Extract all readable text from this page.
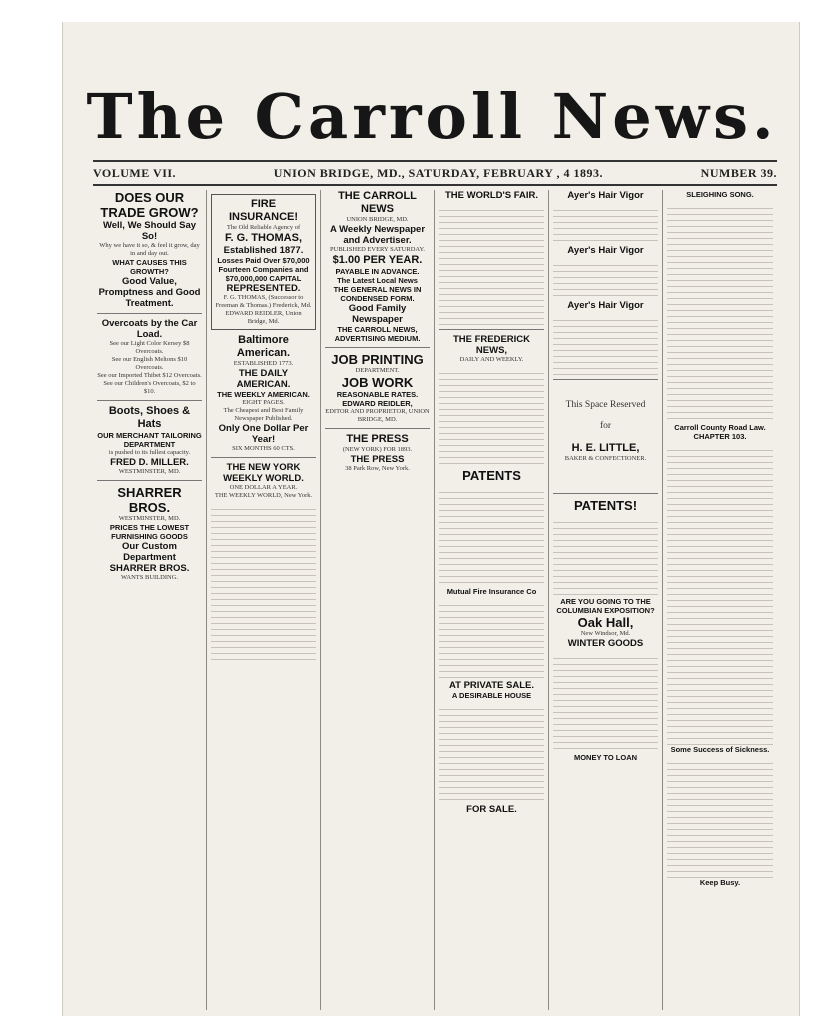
The Carroll News.
VOLUME VII.	UNION BRIDGE, MD., SATURDAY, FEBRUARY , 4 1893.	NUMBER 39.
DOES OUR TRADE GROW?
Well, We Should Say So!
Why we have it so, & feel it grow, day in and day out.
WHAT CAUSES THIS GROWTH?
Good Value, Promptness and Good Treatment.
Overcoats by the Car Load.
See our Light Color Kersey $8 Overcoats.
See our English Meltons $10 Overcoats.
See our Imported Thibet $12 Overcoats.
See our Children's Overcoats, $2 to $10.
Boots, Shoes & Hats
OUR MERCHANT TAILORING DEPARTMENT
is pushed to its fullest capacity.
FRED D. MILLER.
WESTMINSTER, MD.
SHARRER BROS.
WESTMINSTER, MD.
PRICES THE LOWEST
FURNISHING GOODS
Our Custom Department
SHARRER BROS.
WANTS BUILDING.
FIRE INSURANCE!
The Old Reliable Agency of
F. G. THOMAS,
Established 1877.
Losses Paid Over $70,000 Fourteen Companies and $70,000,000 CAPITAL
REPRESENTED.
F. G. THOMAS, (Successor to Freeman & Thomas.) Frederick, Md.
EDWARD REIDLER, Union Bridge, Md.
Baltimore American.
ESTABLISHED 1773.
THE DAILY AMERICAN.
THE WEEKLY AMERICAN.
EIGHT PAGES.
The Cheapest and Best Family Newspaper Published.
Only One Dollar Per Year!
SIX MONTHS 60 CTS.
THE NEW YORK WEEKLY WORLD.
ONE DOLLAR A YEAR.
THE WEEKLY WORLD, New York.
THE CARROLL NEWS
UNION BRIDGE, MD.
A Weekly Newspaper and Advertiser.
PUBLISHED EVERY SATURDAY.
$1.00 PER YEAR.
PAYABLE IN ADVANCE.
The Latest Local News
THE GENERAL NEWS IN CONDENSED FORM.
Good Family Newspaper
THE CARROLL NEWS,
ADVERTISING MEDIUM.
JOB PRINTING
DEPARTMENT.
JOB WORK
REASONABLE RATES.
EDWARD REIDLER,
EDITOR AND PROPRIETOR, UNION BRIDGE, MD.
THE PRESS
(NEW YORK) FOR 1893.
THE PRESS
38 Park Row, New York.
THE WORLD'S FAIR.
THE FREDERICK NEWS,
DAILY AND WEEKLY.
PATENTS
Mutual Fire Insurance Co
AT PRIVATE SALE.
A DESIRABLE HOUSE
FOR SALE.
Ayer's Hair Vigor
Ayer's Hair Vigor
Ayer's Hair Vigor
This Space Reserved
for
H. E. LITTLE,
BAKER & CONFECTIONER.
PATENTS!
ARE YOU GOING TO THE COLUMBIAN EXPOSITION?
Oak Hall,
New Windsor, Md.
WINTER GOODS
MONEY TO LOAN
SLEIGHING SONG.
Carroll County Road Law.
CHAPTER 103.
Some Success of Sickness.
Keep Busy.
